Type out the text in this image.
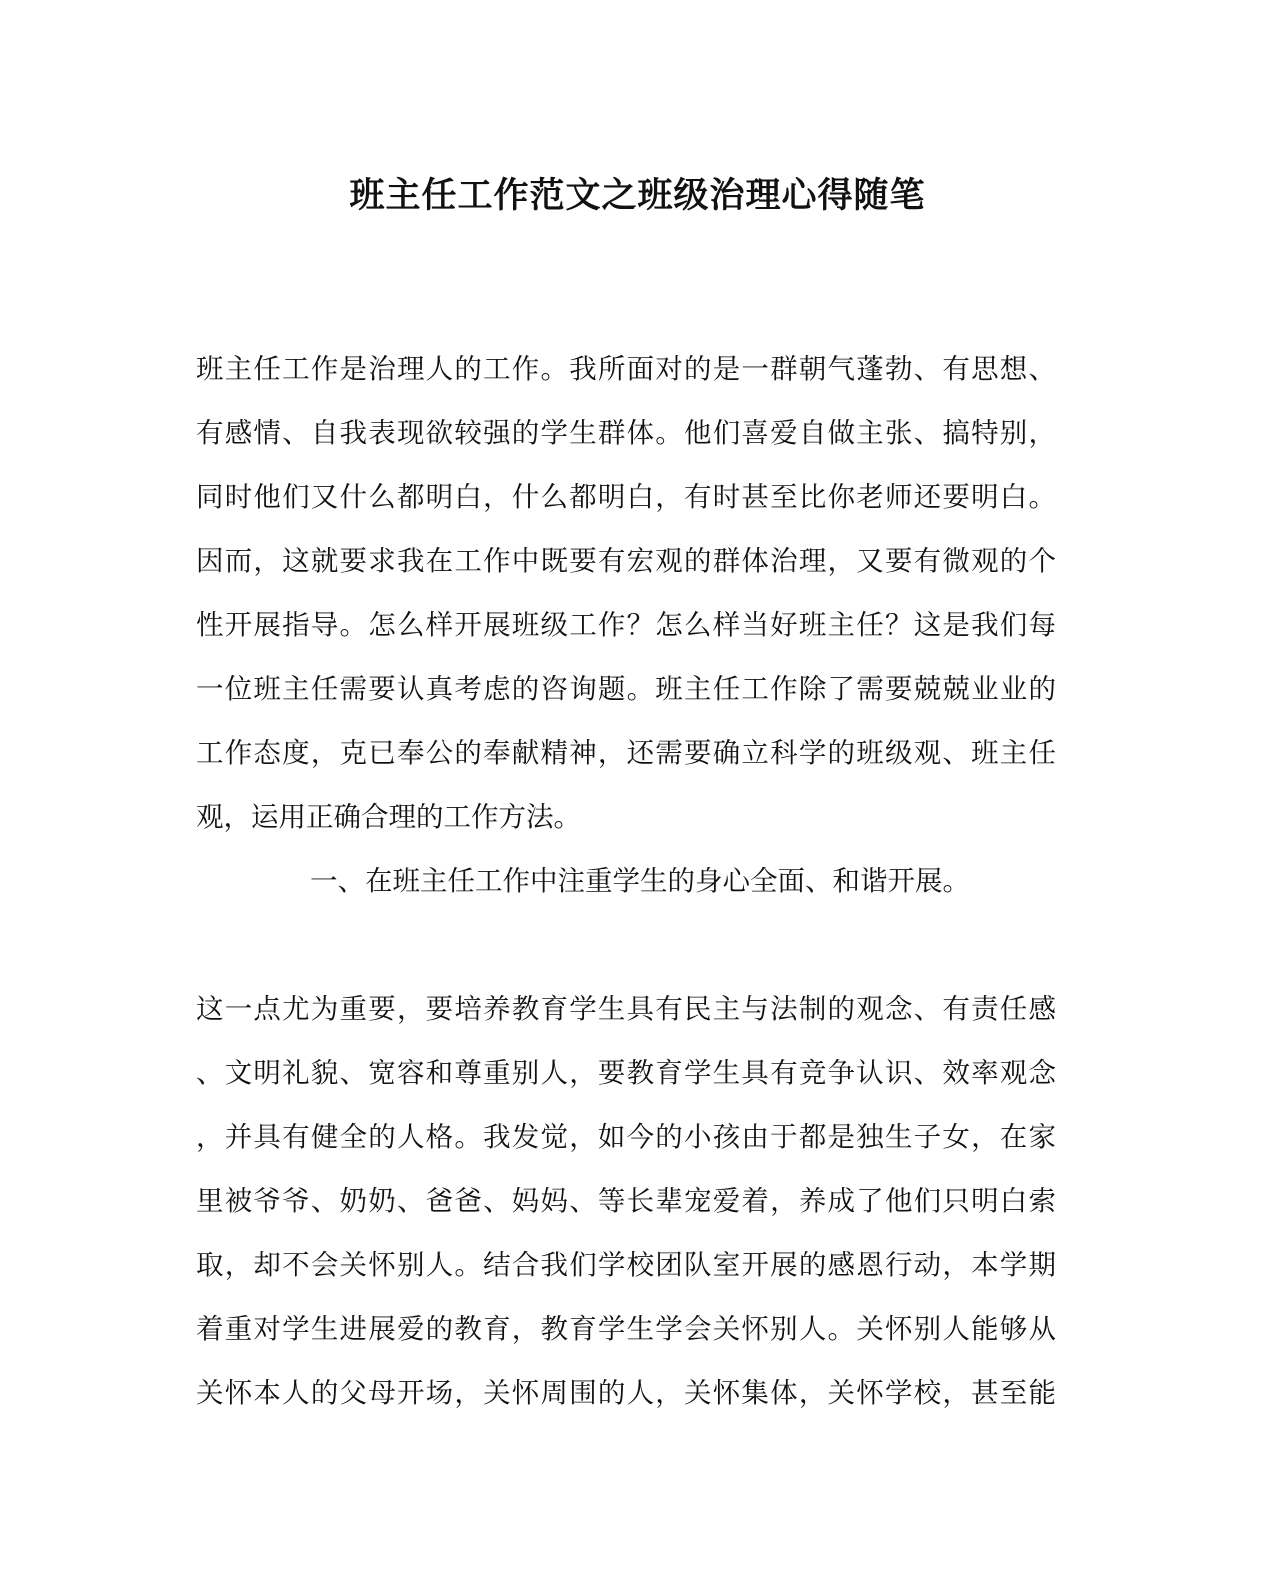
班主任工作范文之班级治理心得随笔
班主任工作是治理人的工作。我所面对的是一群朝气蓬勃、有思想、
有感情、自我表现欲较强的学生群体。他们喜爱自做主张、搞特别，
同时他们又什么都明白，什么都明白，有时甚至比你老师还要明白。
因而，这就要求我在工作中既要有宏观的群体治理，又要有微观的个
性开展指导。怎么样开展班级工作？怎么样当好班主任？这是我们每
一位班主任需要认真考虑的咨询题。班主任工作除了需要兢兢业业的
工作态度，克已奉公的奉献精神，还需要确立科学的班级观、班主任
观，运用正确合理的工作方法。
一、在班主任工作中注重学生的身心全面、和谐开展。
这一点尤为重要，要培养教育学生具有民主与法制的观念、有责任感
、文明礼貌、宽容和尊重别人，要教育学生具有竞争认识、效率观念
，并具有健全的人格。我发觉，如今的小孩由于都是独生子女，在家
里被爷爷、奶奶、爸爸、妈妈、等长辈宠爱着，养成了他们只明白索
取，却不会关怀别人。结合我们学校团队室开展的感恩行动，本学期
着重对学生进展爱的教育，教育学生学会关怀别人。关怀别人能够从
关怀本人的父母开场，关怀周围的人，关怀集体，关怀学校，甚至能
